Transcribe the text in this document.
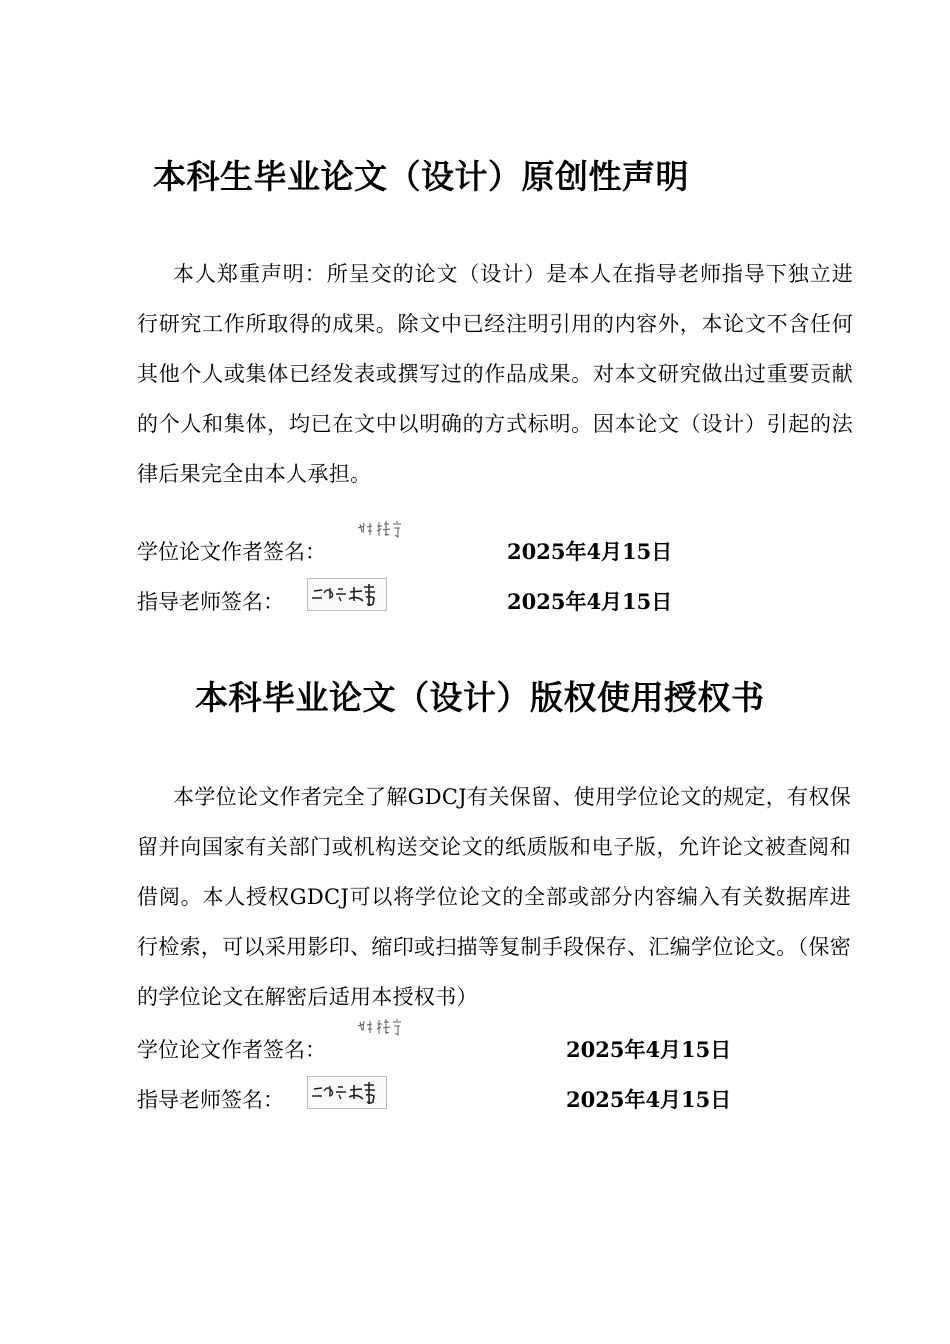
本科生毕业论文（设计）原创性声明

本人郑重声明：所呈交的论文（设计）是本人在指导老师指导下独立进行研究工作所取得的成果。除文中已经注明引用的内容外，本论文不含任何其他个人或集体已经发表或撰写过的作品成果。对本文研究做出过重要贡献的个人和集体，均已在文中以明确的方式标明。因本论文（设计）引起的法律后果完全由本人承担。

学位论文作者签名：	2025年4月15日
指导老师签名：	2025年4月15日
本科毕业论文（设计）版权使用授权书

本学位论文作者完全了解GDCJ有关保留、使用学位论文的规定，有权保留并向国家有关部门或机构送交论文的纸质版和电子版，允许论文被查阅和借阅。本人授权GDCJ可以将学位论文的全部或部分内容编入有关数据库进行检索，可以采用影印、缩印或扫描等复制手段保存、汇编学位论文。（保密的学位论文在解密后适用本授权书）

学位论文作者签名：	2025年4月15日
指导老师签名：	2025年4月15日
